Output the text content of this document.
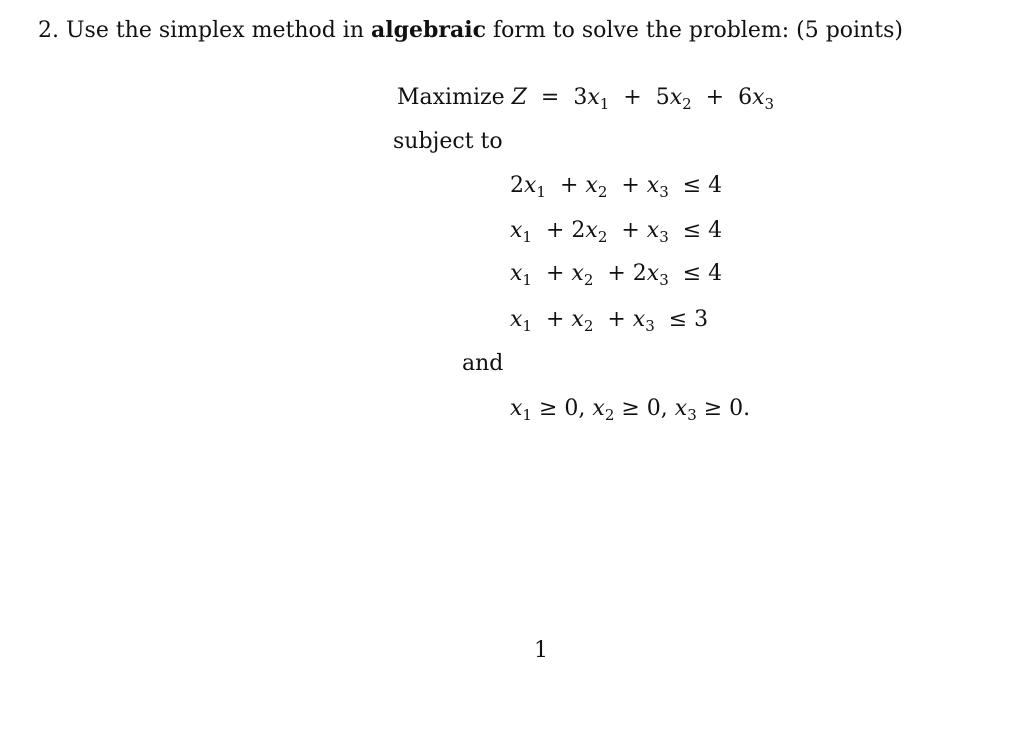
2. Use the simplex method in algebraic form to solve the problem: (5 points)
Maximize $Z = 3x_1 + 5x_2 + 6x_3$
subject to
$2x_1 + x_2 + x_3 \le 4$
$x_1 + 2x_2 + x_3 \le 4$
$x_1 + x_2 + 2x_3 \le 4$
$x_1 + x_2 + x_3 \le 3$
and
$x_1 \ge 0$, $x_2 \ge 0$, $x_3 \ge 0$.
1
